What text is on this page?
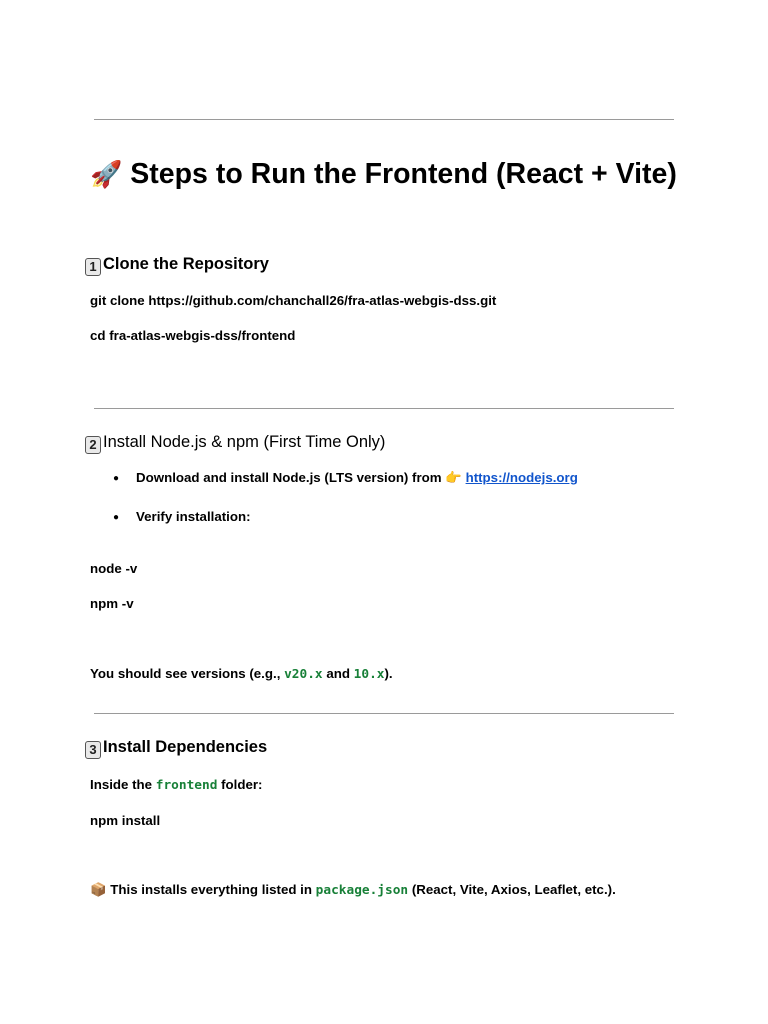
🚀 Steps to Run the Frontend (React + Vite)
1 Clone the Repository
git clone https://github.com/chanchall26/fra-atlas-webgis-dss.git
cd fra-atlas-webgis-dss/frontend
2 Install Node.js & npm (First Time Only)
● Download and install Node.js (LTS version) from 👉 https://nodejs.org
● Verify installation:
node -v
npm -v
You should see versions (e.g., v20.x and 10.x).
3 Install Dependencies
Inside the frontend folder:
npm install
📦 This installs everything listed in package.json (React, Vite, Axios, Leaflet, etc.).
